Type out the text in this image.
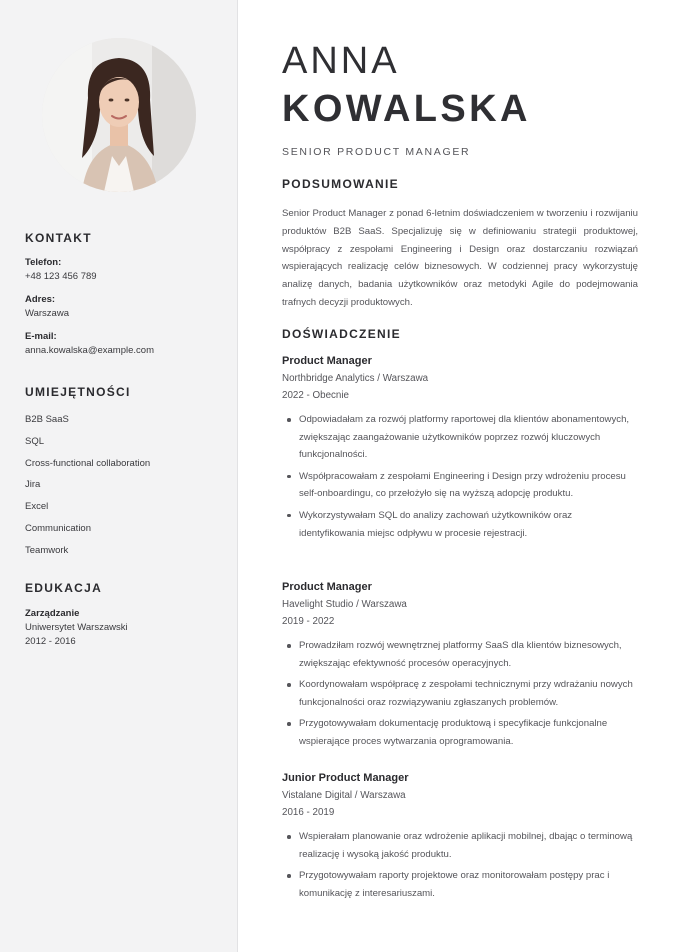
KONTAKT
Telefon:
+48 123 456 789
Adres:
Warszawa
E-mail:
anna.kowalska@example.com
UMIEJĘTNOŚCI
B2B SaaS
SQL
Cross-functional collaboration
Jira
Excel
Communication
Teamwork
EDUKACJA
Zarządzanie
Uniwersytet Warszawski
2012 - 2016
ANNA
KOWALSKA
SENIOR PRODUCT MANAGER
PODSUMOWANIE
Senior Product Manager z ponad 6-letnim doświadczeniem w tworzeniu i rozwijaniu produktów B2B SaaS. Specjalizuję się w definiowaniu strategii produktowej, współpracy z zespołami Engineering i Design oraz dostarczaniu rozwiązań wspierających realizację celów biznesowych. W codziennej pracy wykorzystuję analizę danych, badania użytkowników oraz metodyki Agile do podejmowania trafnych decyzji produktowych.
DOŚWIADCZENIE
Product Manager
Northbridge Analytics / Warszawa
2022 - Obecnie
Odpowiadałam za rozwój platformy raportowej dla klientów abonamentowych, zwiększając zaangażowanie użytkowników poprzez rozwój kluczowych funkcjonalności.
Współpracowałam z zespołami Engineering i Design przy wdrożeniu procesu self-onboardingu, co przełożyło się na wyższą adopcję produktu.
Wykorzystywałam SQL do analizy zachowań użytkowników oraz identyfikowania miejsc odpływu w procesie rejestracji.
Product Manager
Havelight Studio / Warszawa
2019 - 2022
Prowadziłam rozwój wewnętrznej platformy SaaS dla klientów biznesowych, zwiększając efektywność procesów operacyjnych.
Koordynowałam współpracę z zespołami technicznymi przy wdrażaniu nowych funkcjonalności oraz rozwiązywaniu zgłaszanych problemów.
Przygotowywałam dokumentację produktową i specyfikacje funkcjonalne wspierające proces wytwarzania oprogramowania.
Junior Product Manager
Vistalane Digital / Warszawa
2016 - 2019
Wspierałam planowanie oraz wdrożenie aplikacji mobilnej, dbając o terminową realizację i wysoką jakość produktu.
Przygotowywałam raporty projektowe oraz monitorowałam postępy prac i komunikację z interesariuszami.
